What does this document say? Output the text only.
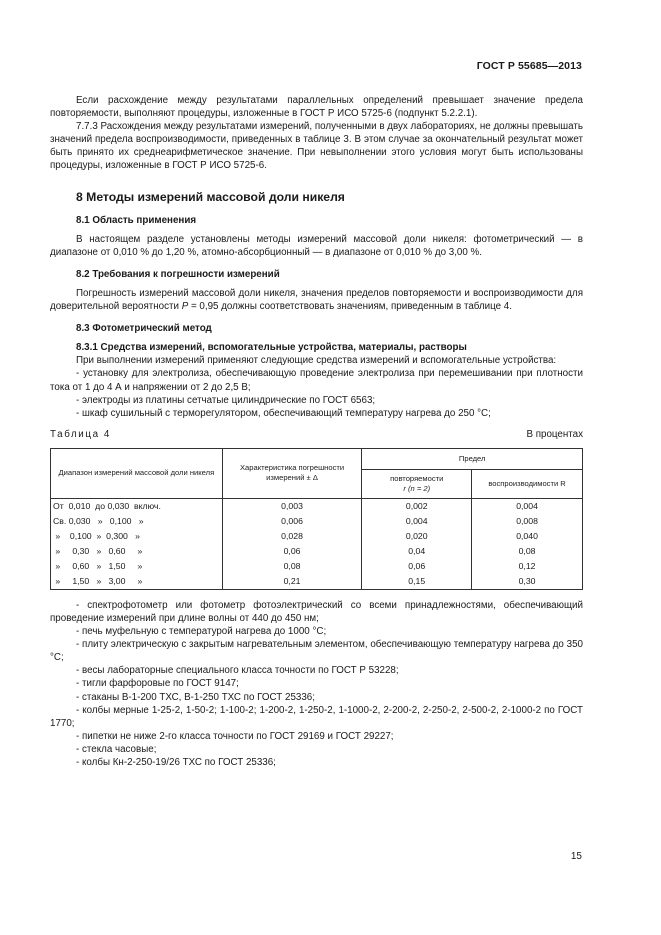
ГОСТ Р 55685—2013

Если расхождение между результатами параллельных определений превышает значение предела повторяемости, выполняют процедуры, изложенные в ГОСТ Р ИСО 5725-6 (подпункт 5.2.2.1).

7.7.3 Расхождения между результатами измерений, полученными в двух лабораториях, не должны превышать значений предела воспроизводимости, приведенных в таблице 3. В этом случае за окончательный результат может быть принято их среднеарифметическое значение. При невыполнении этого условия могут быть использованы процедуры, изложенные в ГОСТ Р ИСО 5725-6.

8 Методы измерений массовой доли никеля
8.1 Область применения

В настоящем разделе установлены методы измерений массовой доли никеля: фотометрический — в диапазоне от 0,010 % до 1,20 %, атомно-абсорбционный — в диапазоне от 0,010 % до 3,00 %.

8.2 Требования к погрешности измерений

Погрешность измерений массовой доли никеля, значения пределов повторяемости и воспроизводимости для доверительной вероятности P = 0,95 должны соответствовать значениям, приведенным в таблице 4.

8.3 Фотометрический метод
8.3.1 Средства измерений, вспомогательные устройства, материалы, растворы

При выполнении измерений применяют следующие средства измерений и вспомогательные устройства:

- установку для электролиза, обеспечивающую проведение электролиза при перемешивании при плотности тока от 1 до 4 А и напряжении от 2 до 2,5 В;

- электроды из платины сетчатые цилиндрические по ГОСТ 6563;

- шкаф сушильный с терморегулятором, обеспечивающий температуру нагрева до 250 °С;

Таблица 4	В процентах
Диапазон измерений массовой доли никеля	Характеристика погрешности измерений ± Δ	Предел	

		повторяемости
r (n = 2)	воспроизводимости R
От  0,010  до 0,030  включ.	0,003	0,002	0,004
Св. 0,030   »   0,100   »	0,006	0,004	0,008
»    0,100  »  0,300   »	0,028	0,020	0,040
»     0,30   »   0,60     »	0,06	0,04	0,08
»     0,60   »   1,50     »	0,08	0,06	0,12
»     1,50   »   3,00     »	0,21	0,15	0,30

- спектрофотометр или фотометр фотоэлектрический со всеми принадлежностями, обеспечивающий проведение измерений при длине волны от 440 до 450 нм;

- печь муфельную с температурой нагрева до 1000 °С;

- плиту электрическую с закрытым нагревательным элементом, обеспечивающую температуру нагрева до 350 °С;

- весы лабораторные специального класса точности по ГОСТ Р 53228;

- тигли фарфоровые по ГОСТ 9147;

- стаканы В-1-200 ТХС, В-1-250 ТХС по ГОСТ 25336;

- колбы мерные 1-25-2, 1-50-2; 1-100-2; 1-200-2, 1-250-2, 1-1000-2, 2-200-2, 2-250-2, 2-500-2, 2-1000-2 по ГОСТ 1770;

- пипетки не ниже 2-го класса точности по ГОСТ 29169 и ГОСТ 29227;

- стекла часовые;

- колбы Кн-2-250-19/26 ТХС по ГОСТ 25336;

15
